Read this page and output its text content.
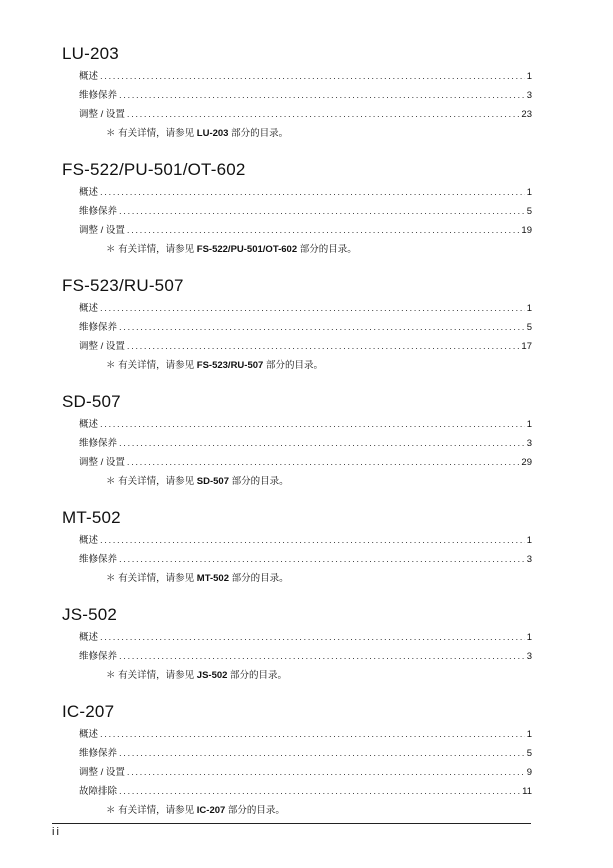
LU-203
概述 .....	1
维修保养 .....	3
调整 / 设置 .....	23
＊ 有关详情，请参见 LU-203 部分的目录。
FS-522/PU-501/OT-602
概述 .....	1
维修保养 .....	5
调整 / 设置 .....	19
＊ 有关详情，请参见 FS-522/PU-501/OT-602 部分的目录。
FS-523/RU-507
概述 .....	1
维修保养 .....	5
调整 / 设置 .....	17
＊ 有关详情，请参见 FS-523/RU-507 部分的目录。
SD-507
概述 .....	1
维修保养 .....	3
调整 / 设置 .....	29
＊ 有关详情，请参见 SD-507 部分的目录。
MT-502
概述 .....	1
维修保养 .....	3
＊ 有关详情，请参见 MT-502 部分的目录。
JS-502
概述 .....	1
维修保养 .....	3
＊ 有关详情，请参见 JS-502 部分的目录。
IC-207
概述 .....	1
维修保养 .....	5
调整 / 设置 .....	9
故障排除 .....	11
＊ 有关详情，请参见 IC-207 部分的目录。
ii
